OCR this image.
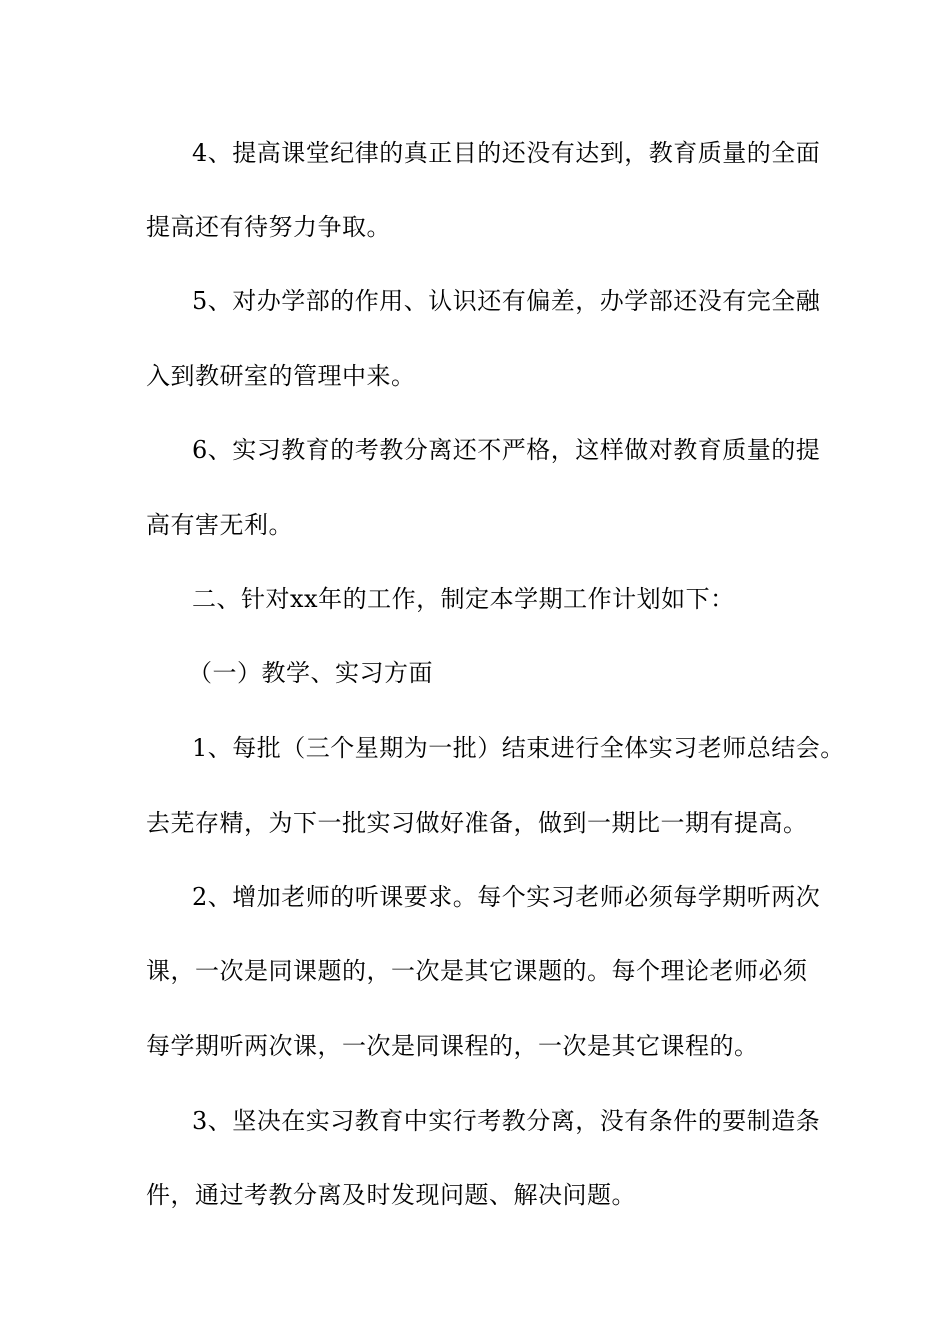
4、提高课堂纪律的真正目的还没有达到，教育质量的全面
提高还有待努力争取。
5、对办学部的作用、认识还有偏差，办学部还没有完全融
入到教研室的管理中来。
6、实习教育的考教分离还不严格，这样做对教育质量的提
高有害无利。
二、针对xx年的工作，制定本学期工作计划如下：
（一）教学、实习方面
1、每批（三个星期为一批）结束进行全体实习老师总结会。
去芜存精，为下一批实习做好准备，做到一期比一期有提高。
2、增加老师的听课要求。每个实习老师必须每学期听两次
课，一次是同课题的，一次是其它课题的。每个理论老师必须
每学期听两次课，一次是同课程的，一次是其它课程的。
3、坚决在实习教育中实行考教分离，没有条件的要制造条
件，通过考教分离及时发现问题、解决问题。
